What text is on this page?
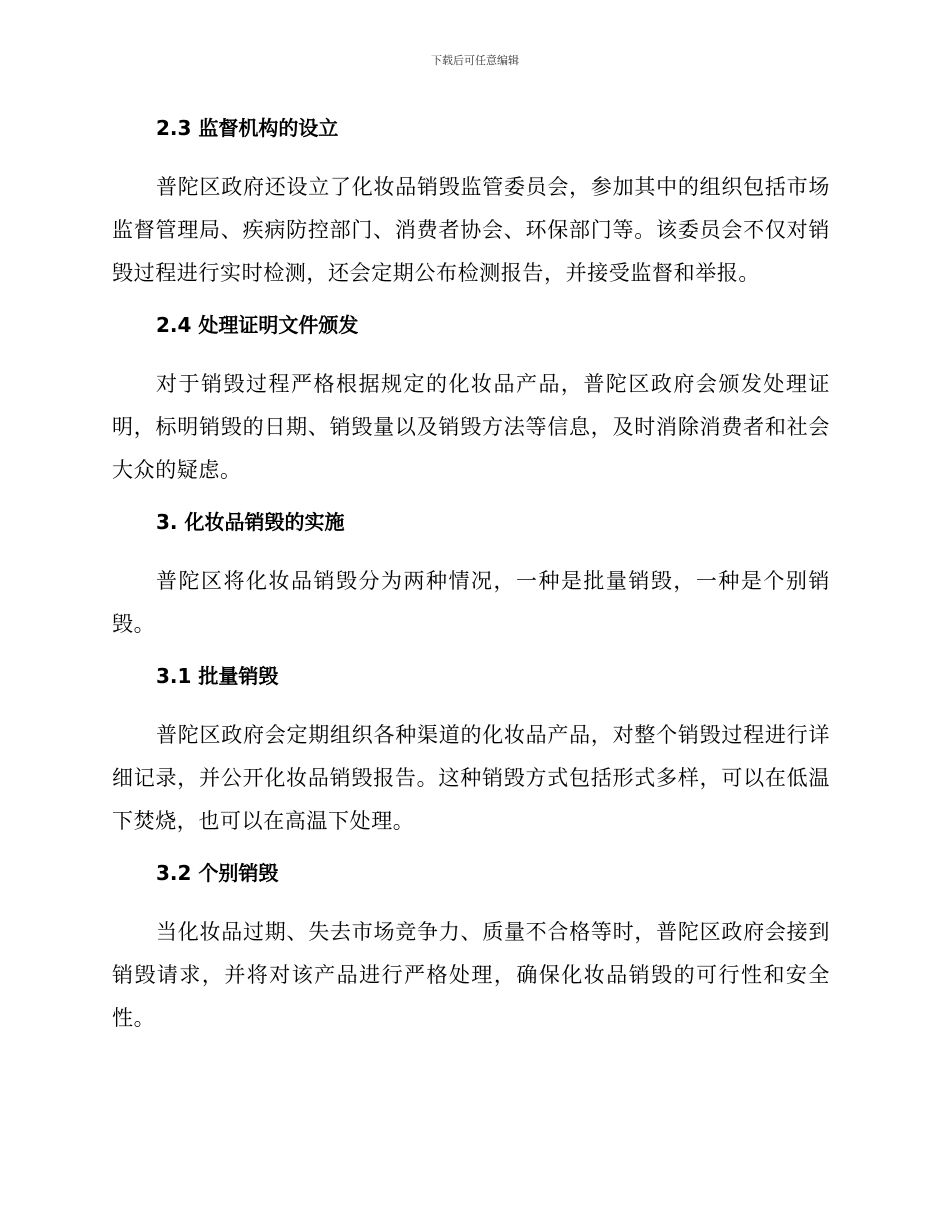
下载后可任意编辑
2.3 监督机构的设立

普陀区政府还设立了化妆品销毁监管委员会，参加其中的组织包括市场监督管理局、疾病防控部门、消费者协会、环保部门等。该委员会不仅对销毁过程进行实时检测，还会定期公布检测报告，并接受监督和举报。

2.4 处理证明文件颁发

对于销毁过程严格根据规定的化妆品产品，普陀区政府会颁发处理证明，标明销毁的日期、销毁量以及销毁方法等信息，及时消除消费者和社会大众的疑虑。

3. 化妆品销毁的实施

普陀区将化妆品销毁分为两种情况，一种是批量销毁，一种是个别销毁。

3.1 批量销毁

普陀区政府会定期组织各种渠道的化妆品产品，对整个销毁过程进行详细记录，并公开化妆品销毁报告。这种销毁方式包括形式多样，可以在低温下焚烧，也可以在高温下处理。

3.2 个别销毁

当化妆品过期、失去市场竞争力、质量不合格等时，普陀区政府会接到销毁请求，并将对该产品进行严格处理，确保化妆品销毁的可行性和安全性。
